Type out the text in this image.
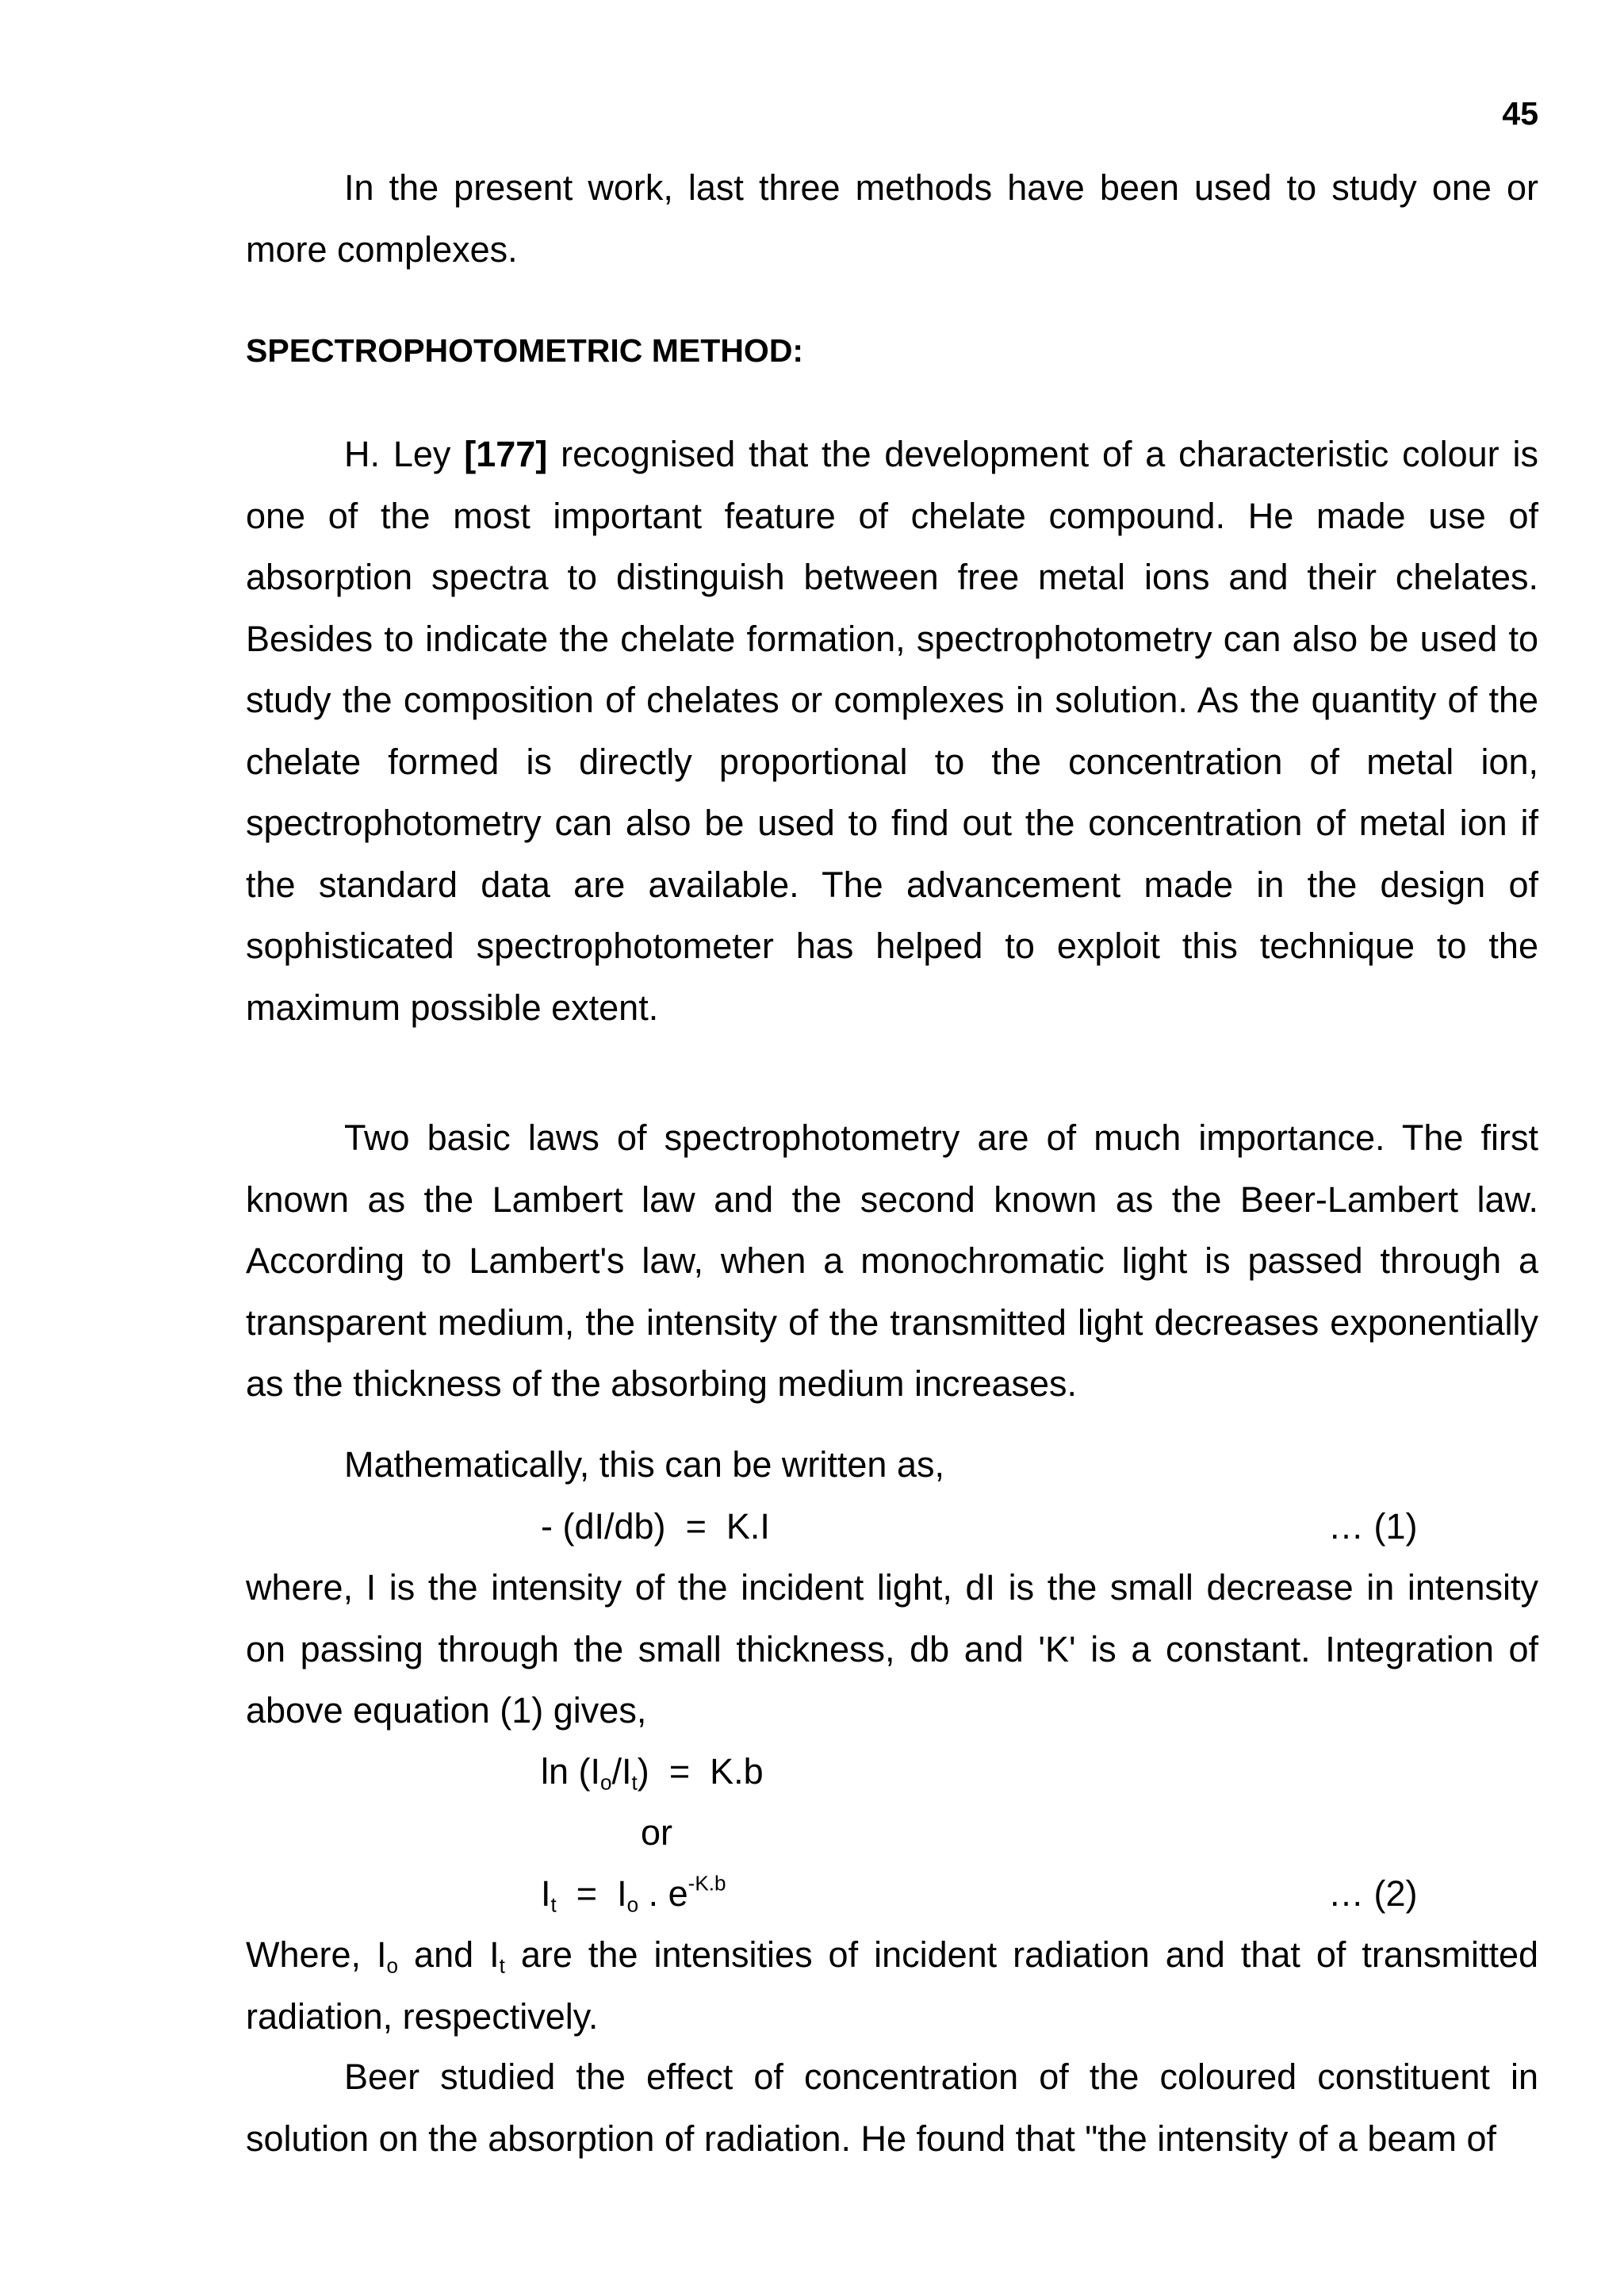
45

In the present work, last three methods have been used to study one or more complexes.

SPECTROPHOTOMETRIC METHOD:

H. Ley [177] recognised that the development of a characteristic colour is one of the most important feature of chelate compound. He made use of absorption spectra to distinguish between free metal ions and their chelates. Besides to indicate the chelate formation, spectrophotometry can also be used to study the composition of chelates or complexes in solution. As the quantity of the chelate formed is directly proportional to the concentration of metal ion, spectrophotometry can also be used to find out the concentration of metal ion if the standard data are available. The advancement made in the design of sophisticated spectrophotometer has helped to exploit this technique to the maximum possible extent.

Two basic laws of spectrophotometry are of much importance. The first known as the Lambert law and the second known as the Beer-Lambert law. According to Lambert's law, when a monochromatic light is passed through a transparent medium, the intensity of the transmitted light decreases exponentially as the thickness of the absorbing medium increases.

Mathematically, this can be written as,
- (dI/db) = K.I	… (1)

where, I is the intensity of the incident light, dI is the small decrease in intensity on passing through the small thickness, db and 'K' is a constant. Integration of above equation (1) gives,

$\ln (I_o/I_t) = K.b$
or
$I_t = I_o$ . $e^{-K.b}$	… (2)

Where, $I_o$ and $I_t$ are the intensities of incident radiation and that of transmitted radiation, respectively.

Beer studied the effect of concentration of the coloured constituent in solution on the absorption of radiation. He found that "the intensity of a beam of
